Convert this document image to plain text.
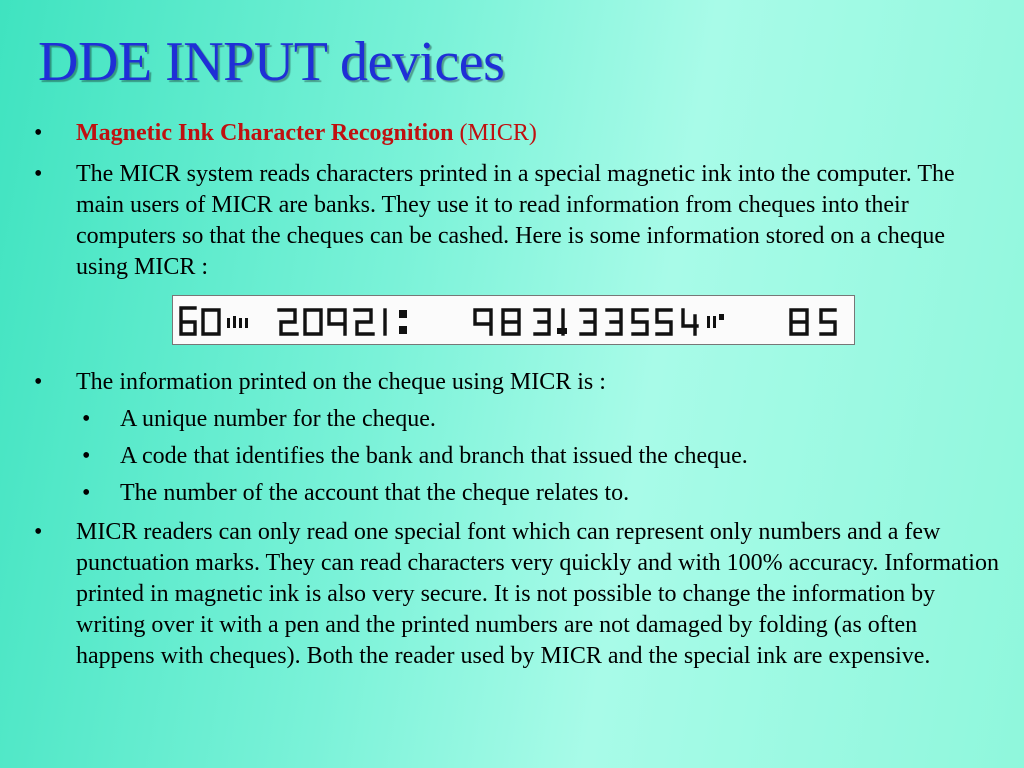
DDE INPUT devices

• Magnetic Ink Character Recognition (MICR)

• The MICR system reads characters printed in a special magnetic ink into the computer. The main users of MICR are banks. They use it to read information from cheques into their computers so that the cheques can be cashed. Here is some information stored on a cheque using MICR :

• The information printed on the cheque using MICR is :

• A unique number for the cheque.

• A code that identifies the bank and branch that issued the cheque.

• The number of the account that the cheque relates to.

• MICR readers can only read one special font which can represent only numbers and a few punctuation marks. They can read characters very quickly and with 100% accuracy. Information printed in magnetic ink is also very secure. It is not possible to change the information by writing over it with a pen and the printed numbers are not damaged by folding (as often happens with cheques). Both the reader used by MICR and the special ink are expensive.
